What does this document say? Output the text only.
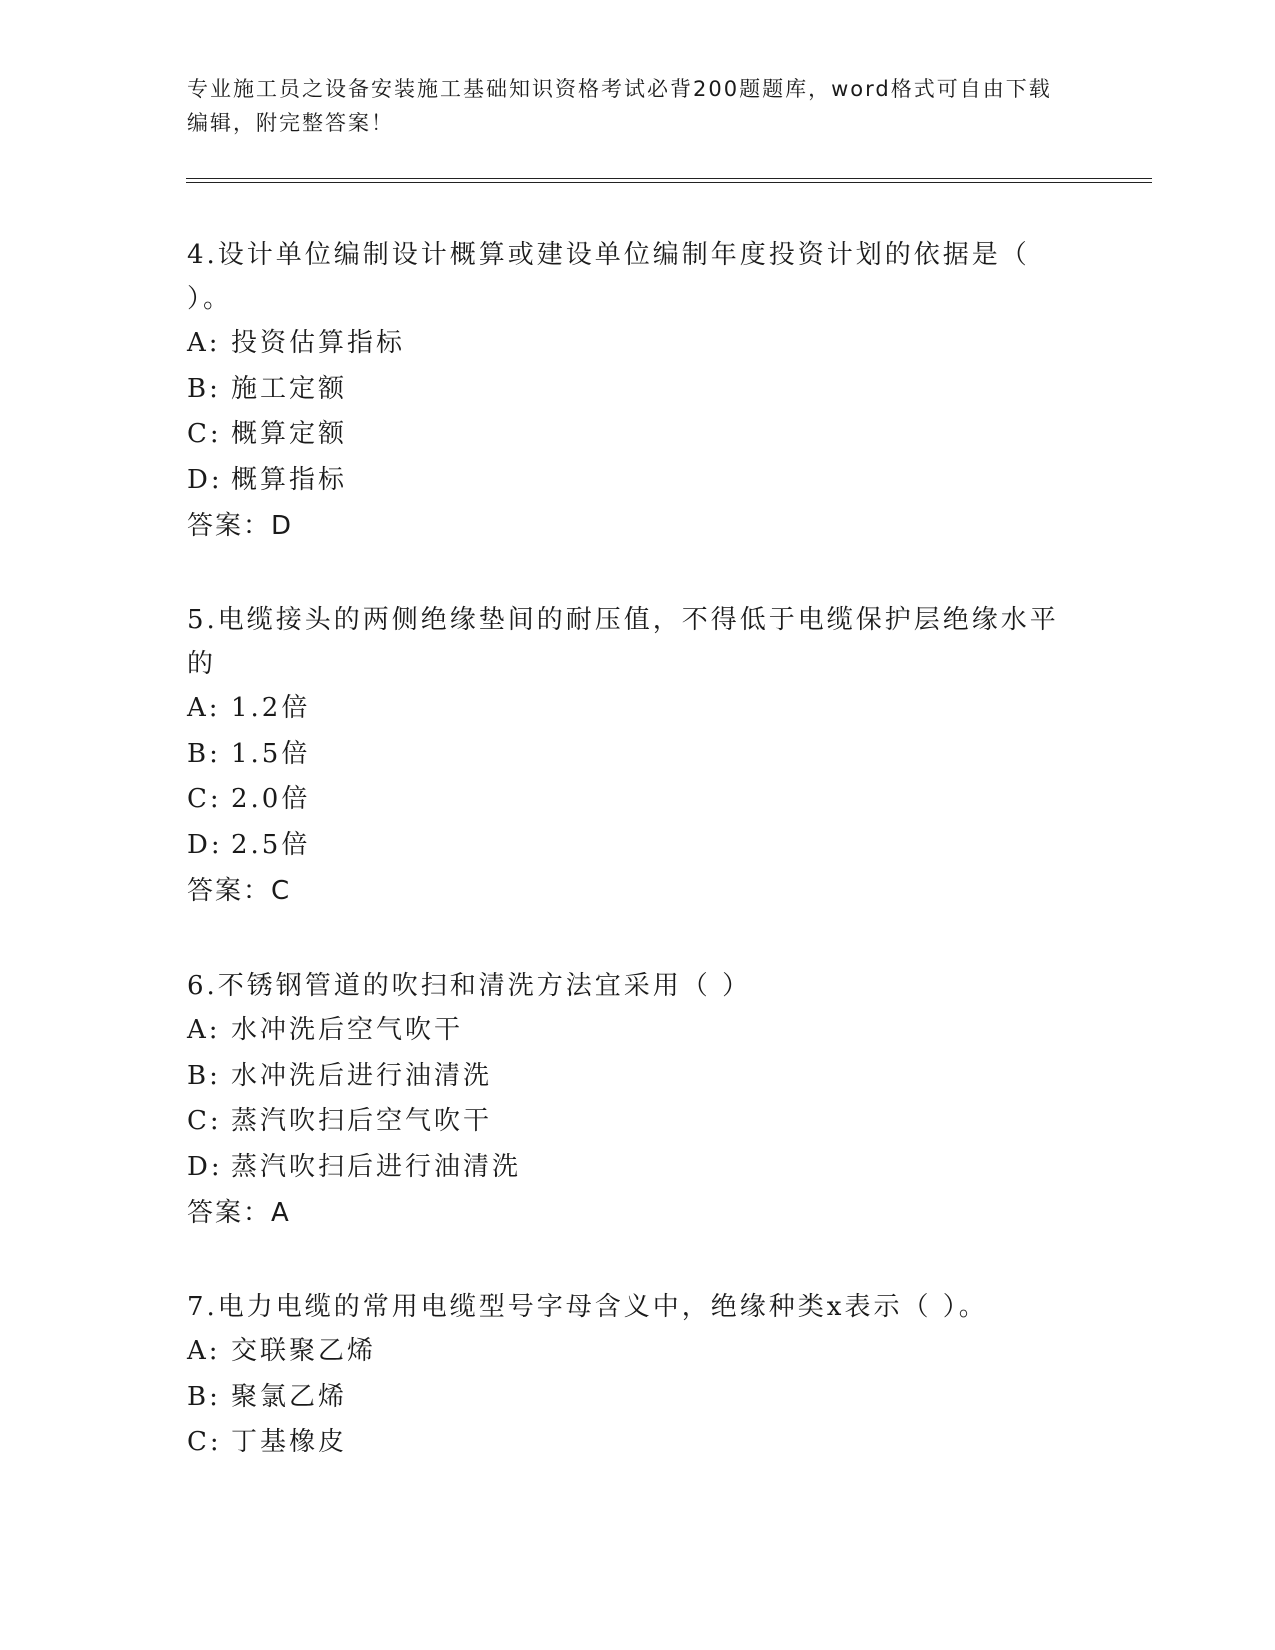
专业施工员之设备安装施工基础知识资格考试必背200题题库，word格式可自由下载编辑，附完整答案！

4.设计单位编制设计概算或建设单位编制年度投资计划的依据是（ ）。

A: 投资估算指标

B: 施工定额

C: 概算定额

D: 概算指标

答案：D

5.电缆接头的两侧绝缘垫间的耐压值，不得低于电缆保护层绝缘水平的

A: 1.2倍

B: 1.5倍

C: 2.0倍

D: 2.5倍

答案：C

6.不锈钢管道的吹扫和清洗方法宜采用（ ）

A: 水冲洗后空气吹干

B: 水冲洗后进行油清洗

C: 蒸汽吹扫后空气吹干

D: 蒸汽吹扫后进行油清洗

答案：A

7.电力电缆的常用电缆型号字母含义中，绝缘种类x表示（ ）。

A: 交联聚乙烯

B: 聚氯乙烯

C: 丁基橡皮
